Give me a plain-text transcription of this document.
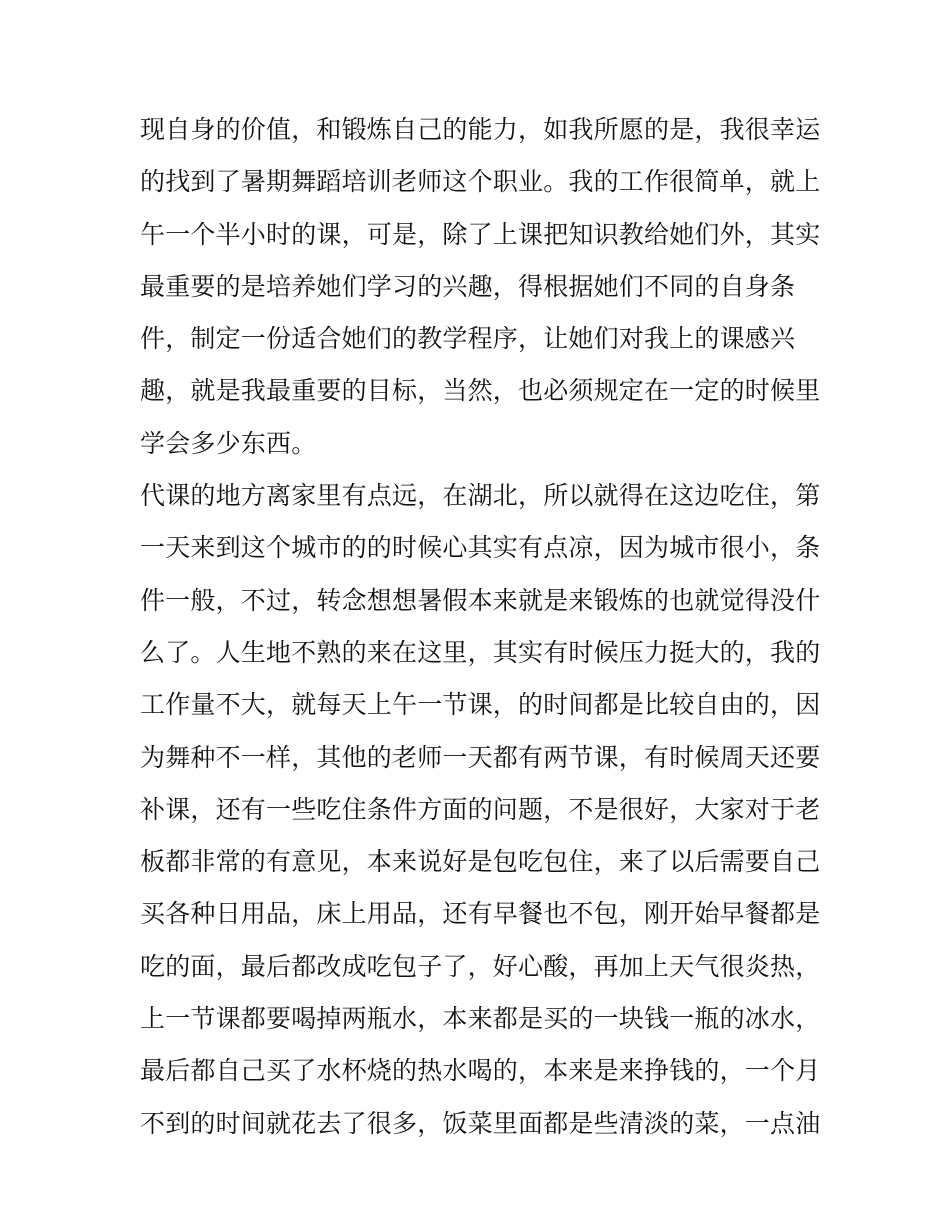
现自身的价值，和锻炼自己的能力，如我所愿的是，我很幸运
的找到了暑期舞蹈培训老师这个职业。我的工作很简单，就上
午一个半小时的课，可是，除了上课把知识教给她们外，其实
最重要的是培养她们学习的兴趣，得根据她们不同的自身条
件，制定一份适合她们的教学程序，让她们对我上的课感兴
趣，就是我最重要的目标，当然，也必须规定在一定的时候里
学会多少东西。
代课的地方离家里有点远，在湖北，所以就得在这边吃住，第
一天来到这个城市的的时候心其实有点凉，因为城市很小，条
件一般，不过，转念想想暑假本来就是来锻炼的也就觉得没什
么了。人生地不熟的来在这里，其实有时候压力挺大的，我的
工作量不大，就每天上午一节课，的时间都是比较自由的，因
为舞种不一样，其他的老师一天都有两节课，有时候周天还要
补课，还有一些吃住条件方面的问题，不是很好，大家对于老
板都非常的有意见，本来说好是包吃包住，来了以后需要自己
买各种日用品，床上用品，还有早餐也不包，刚开始早餐都是
吃的面，最后都改成吃包子了，好心酸，再加上天气很炎热，
上一节课都要喝掉两瓶水，本来都是买的一块钱一瓶的冰水，
最后都自己买了水杯烧的热水喝的，本来是来挣钱的，一个月
不到的时间就花去了很多，饭菜里面都是些清淡的菜，一点油
